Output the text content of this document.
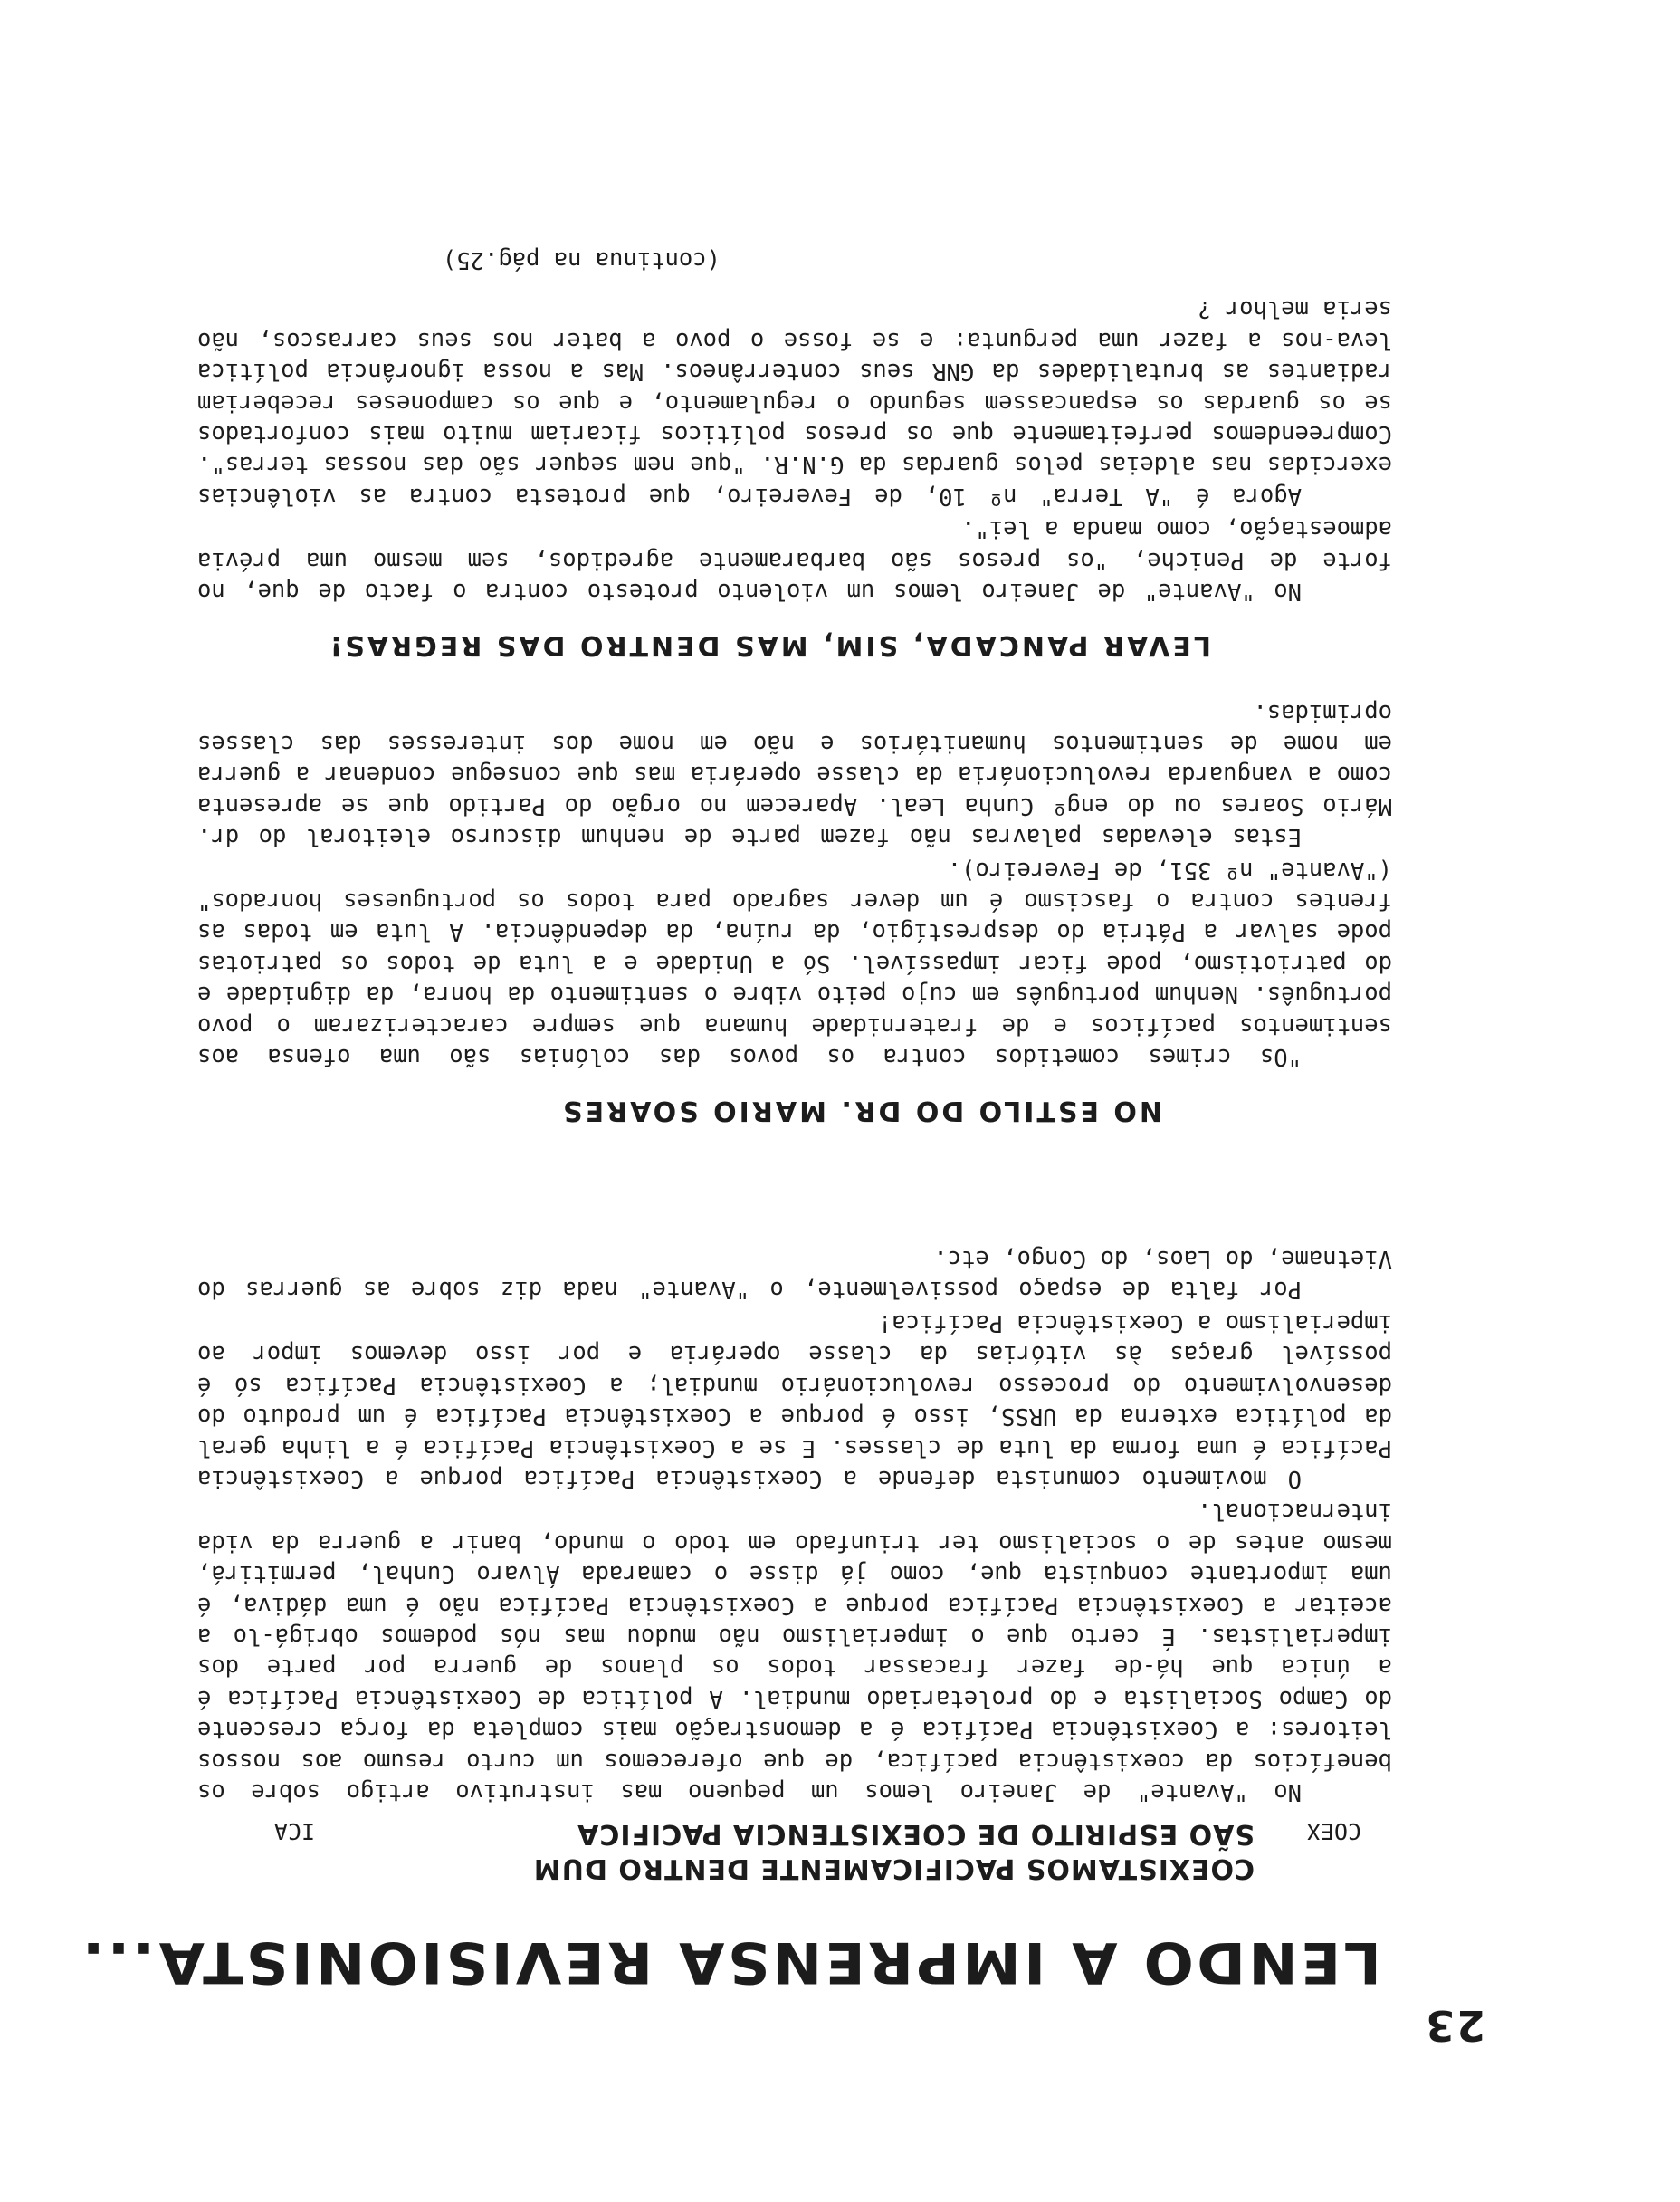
23
LENDO A IMPRENSA REVISIONISTA...
COEX
ICA
COEXISTAMOS PACIFICAMENTE DENTRO DUM
SÃO ESPIRITO DE COEXISTENCIA PACIFICA

No "Avante" de Janeiro lemos um pequeno mas instrutivo artigo sobre os benefícios da coexistência pacífica, de que oferecemos um curto resumo aos nossos leitores: a Coexistência Pacífica é a demonstração mais completa da força crescente do Campo Socialista e do proletariado mundial. A política de Coexistência Pacífica é a única que há-de fazer fracassar todos os planos de guerra por parte dos imperialistas. É certo que o imperialismo não mudou mas nós podemos obrigá-lo a aceitar a Coexistência Pacífica porque a Coexistência Pacífica não é uma dádiva, é uma importante conquista que, como já disse o camarada Álvaro Cunhal, permitirá, mesmo antes de o socialismo ter triunfado em todo o mundo, banir a guerra da vida internacional.

O movimento comunista defende a Coexistência Pacífica porque a Coexistência Pacífica é uma forma da luta de classes. E se a Coexistência Pacífica é a linha geral da política externa da URSS, isso é porque a Coexistência Pacífica é um produto do desenvolvimento do processo revolucionário mundial; a Coexistência Pacífica só é possível graças às vitórias da classe operária e por isso devemos impor ao imperialismo a Coexistência Pacífica!

Por falta de espaço possivelmente, o "Avante" nada diz sobre as guerras do Vietname, do Laos, do Congo, etc.

NO ESTILO DO DR. MARIO SOARES

"Os crimes cometidos contra os povos das colónias são uma ofensa aos sentimentos pacíficos e de fraternidade humana que sempre caracterizaram o povo português. Nenhum português em cujo peito vibre o sentimento da honra, da dignidade e do patriotismo, pode ficar impassível. Só a Unidade e a luta de todos os patriotas pode salvar a Pátria do desprestígio, da ruína, da dependência. A luta em todas as frentes contra o fascismo é um dever sagrado para todos os portugueses honrados" ("Avante" nº 351, de Fevereiro).

Estas elevadas palavras não fazem parte de nenhum discurso eleitoral do dr. Mário Soares ou do engº Cunha Leal. Aparecem no orgão do Partido que se apresenta como a vanguarda revolucionária da classe operária mas que consegue condenar a guerra em nome de sentimentos humanitários e não em nome dos interesses das classes oprimidas.

LEVAR PANCADA, SIM, MAS DENTRO DAS REGRAS!

No "Avante" de Janeiro lemos um violento protesto contra o facto de que, no forte de Peniche, "os presos são barbaramente agredidos, sem mesmo uma prévia admoestação, como manda a lei".

Agora é "A Terra" nº 10, de Fevereiro, que protesta contra as violências exercidas nas aldeias pelos guardas da G.N.R. "que nem sequer são das nossas terras". Compreendemos perfeitamente que os presos políticos ficariam muito mais confortados se os guardas os espancassem segundo o regulamento, e que os camponeses receberiam radiantes as brutalidades da GNR seus conterrâneos. Mas a nossa ignorância política leva-nos a fazer uma pergunta: e se fosse o povo a bater nos seus carrascos, não seria melhor ?

(continua na pág.25)
